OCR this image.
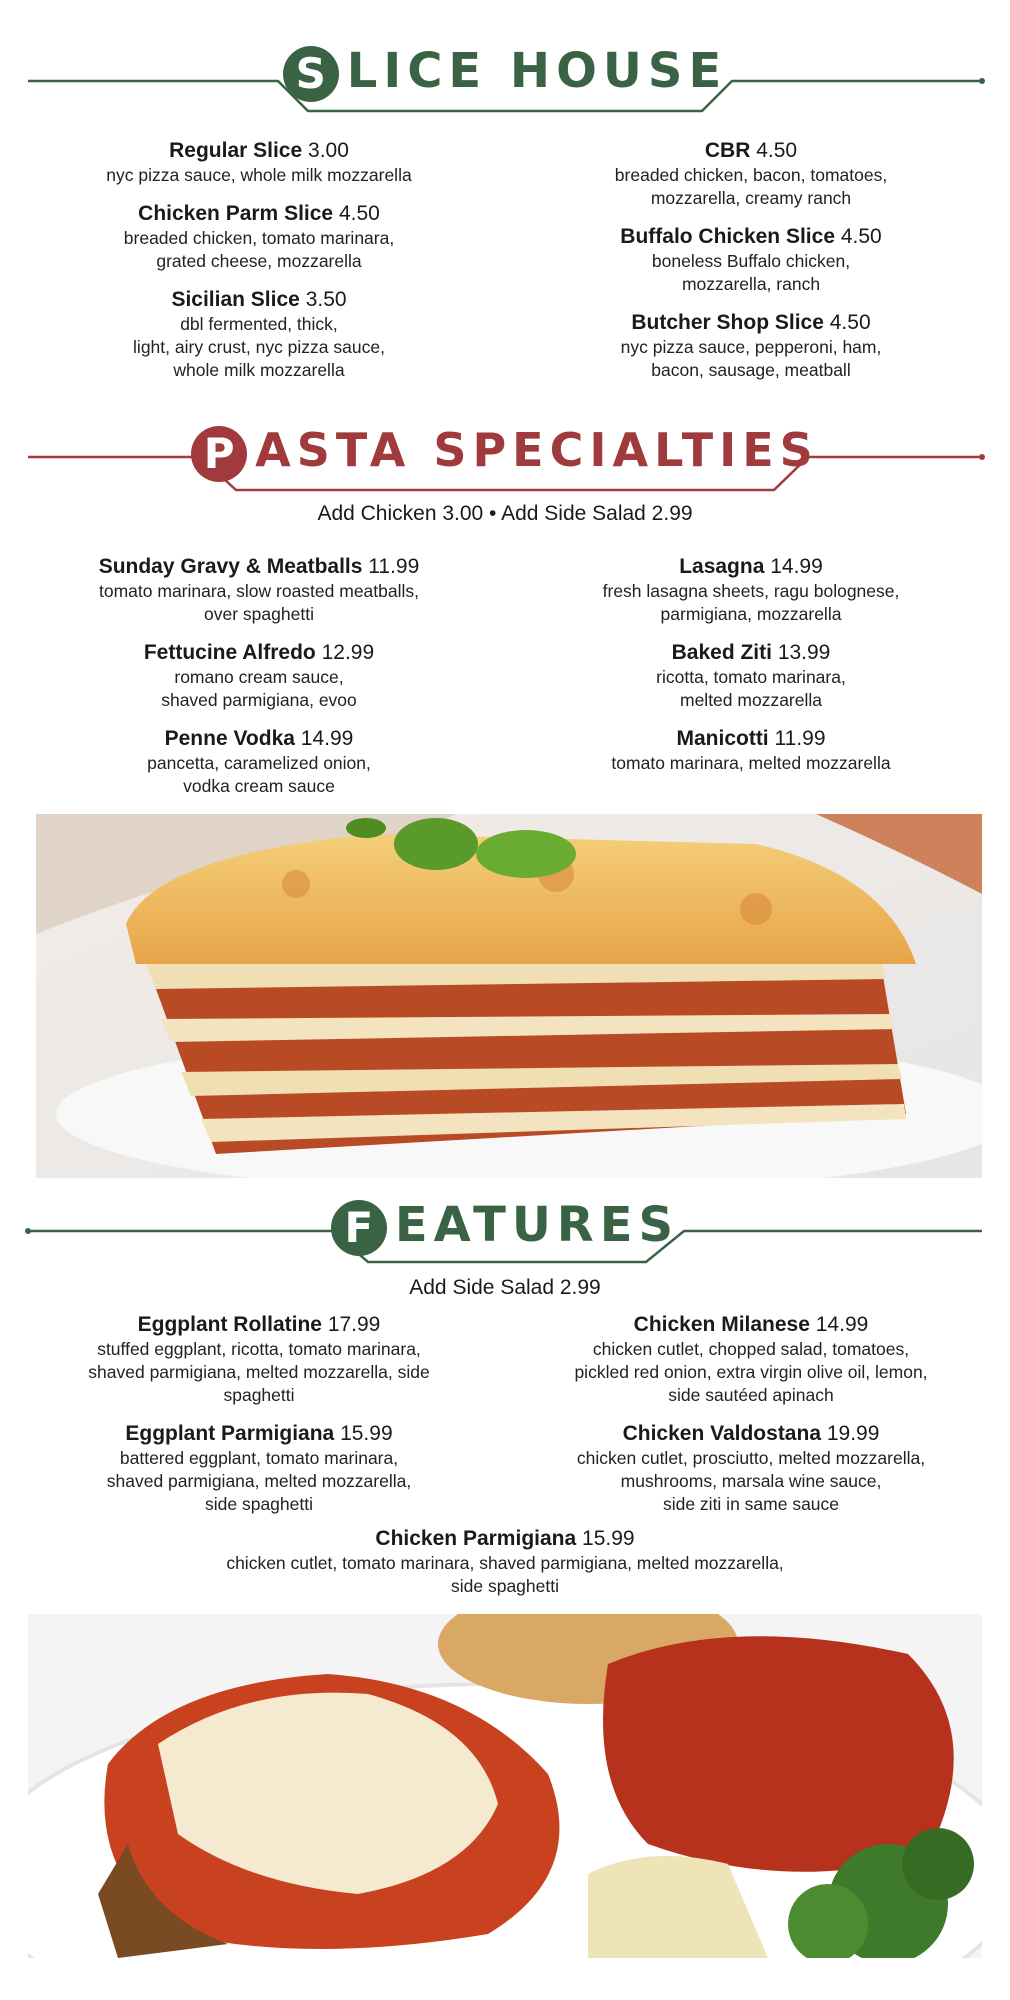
S LICE HOUSE
Regular Slice 3.00
nyc pizza sauce, whole milk mozzarella
Chicken Parm Slice 4.50
breaded chicken, tomato marinara,
grated cheese, mozzarella
Sicilian Slice 3.50
dbl fermented, thick,
light, airy crust, nyc pizza sauce,
whole milk mozzarella
CBR 4.50
breaded chicken, bacon, tomatoes,
mozzarella, creamy ranch
Buffalo Chicken Slice 4.50
boneless Buffalo chicken,
mozzarella, ranch
Butcher Shop Slice 4.50
nyc pizza sauce, pepperoni, ham,
bacon, sausage, meatball
P ASTA SPECIALTIES
Add Chicken 3.00 • Add Side Salad 2.99
Sunday Gravy & Meatballs 11.99
tomato marinara, slow roasted meatballs,
over spaghetti
Fettucine Alfredo 12.99
romano cream sauce,
shaved parmigiana, evoo
Penne Vodka 14.99
pancetta, caramelized onion,
vodka cream sauce
Lasagna 14.99
fresh lasagna sheets, ragu bolognese,
parmigiana, mozzarella
Baked Ziti 13.99
ricotta, tomato marinara,
melted mozzarella
Manicotti 11.99
tomato marinara, melted mozzarella
F EATURES
Add Side Salad 2.99
Eggplant Rollatine 17.99
stuffed eggplant, ricotta, tomato marinara,
shaved parmigiana, melted mozzarella, side
spaghetti
Eggplant Parmigiana 15.99
battered eggplant, tomato marinara,
shaved parmigiana, melted mozzarella,
side spaghetti
Chicken Milanese 14.99
chicken cutlet, chopped salad, tomatoes,
pickled red onion, extra virgin olive oil, lemon,
side sautéed apinach
Chicken Valdostana 19.99
chicken cutlet, prosciutto, melted mozzarella,
mushrooms, marsala wine sauce,
side ziti in same sauce
Chicken Parmigiana 15.99
chicken cutlet, tomato marinara, shaved parmigiana, melted mozzarella,
side spaghetti
